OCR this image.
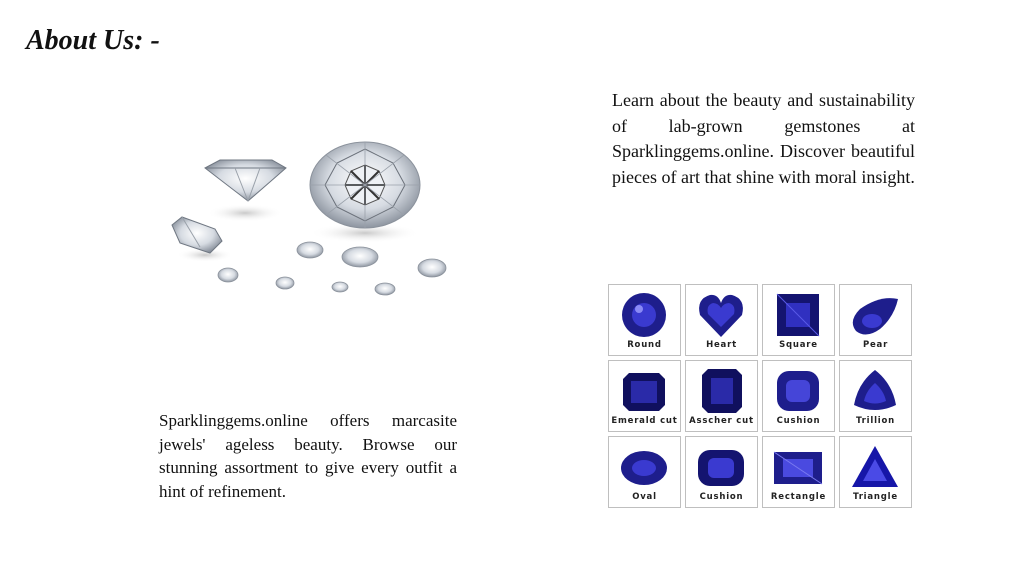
About Us: -

Learn about the beauty and sustainability of lab-grown gemstones at Sparklinggems.online. Discover beautiful pieces of art that shine with moral insight.

Sparklinggems.online offers marcasite jewels' ageless beauty. Browse our stunning assortment to give every outfit a hint of refinement.

Round	Heart	Square	Pear
Emerald cut	Asscher cut	Cushion	Trillion
Oval	Cushion	Rectangle	Triangle
